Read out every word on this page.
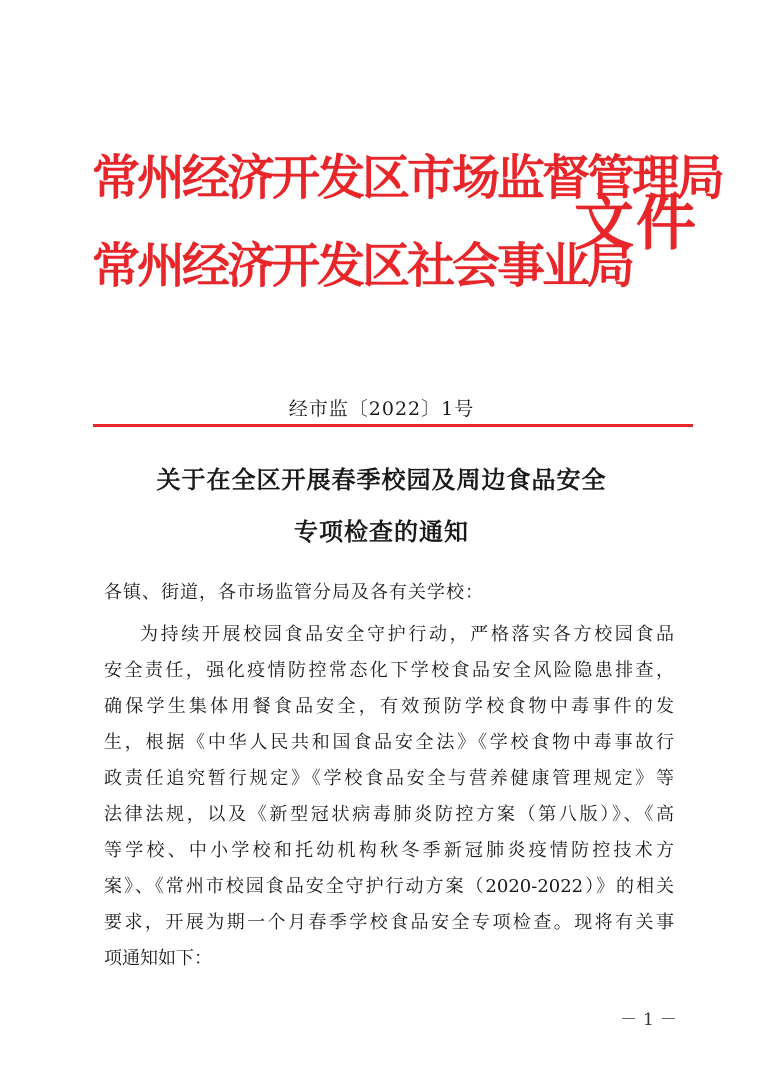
常州经济开发区市场监督管理局
常州经济开发区社会事业局
文件
经市监〔2022〕1号
关于在全区开展春季校园及周边食品安全
专项检查的通知
各镇、街道，各市场监管分局及各有关学校：
为持续开展校园食品安全守护行动，严格落实各方校园食品
安全责任，强化疫情防控常态化下学校食品安全风险隐患排查，
确保学生集体用餐食品安全，有效预防学校食物中毒事件的发
生，根据《中华人民共和国食品安全法》《学校食物中毒事故行
政责任追究暂行规定》《学校食品安全与营养健康管理规定》等
法律法规，以及《新型冠状病毒肺炎防控方案（第八版）》、《高
等学校、中小学校和托幼机构秋冬季新冠肺炎疫情防控技术方
案》、《常州市校园食品安全守护行动方案（2020-2022）》的相关
要求，开展为期一个月春季学校食品安全专项检查。现将有关事
项通知如下：
－1－
